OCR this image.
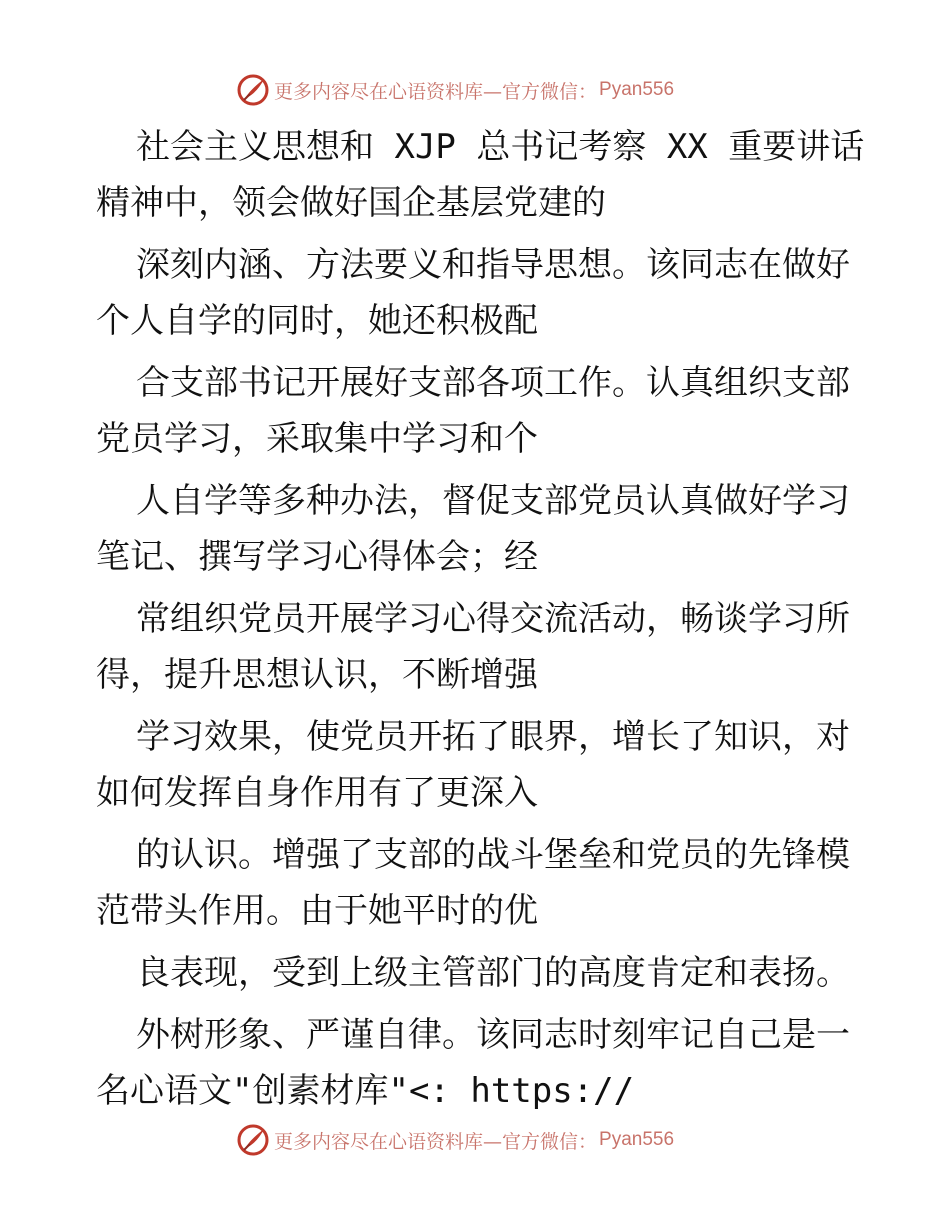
更多内容尽在心语资料库—官方微信： Pyan556
社会主义思想和 XJP 总书记考察 XX 重要讲话
精神中，领会做好国企基层党建的
深刻内涵、方法要义和指导思想。该同志在做好
个人自学的同时，她还积极配
合支部书记开展好支部各项工作。认真组织支部
党员学习，采取集中学习和个
人自学等多种办法，督促支部党员认真做好学习
笔记、撰写学习心得体会；经
常组织党员开展学习心得交流活动，畅谈学习所
得，提升思想认识，不断增强
学习效果，使党员开拓了眼界，增长了知识，对
如何发挥自身作用有了更深入
的认识。增强了支部的战斗堡垒和党员的先锋模
范带头作用。由于她平时的优
良表现，受到上级主管部门的高度肯定和表扬。
外树形象、严谨自律。该同志时刻牢记自己是一
名心语文"创素材库"<: https://
更多内容尽在心语资料库—官方微信： Pyan556
